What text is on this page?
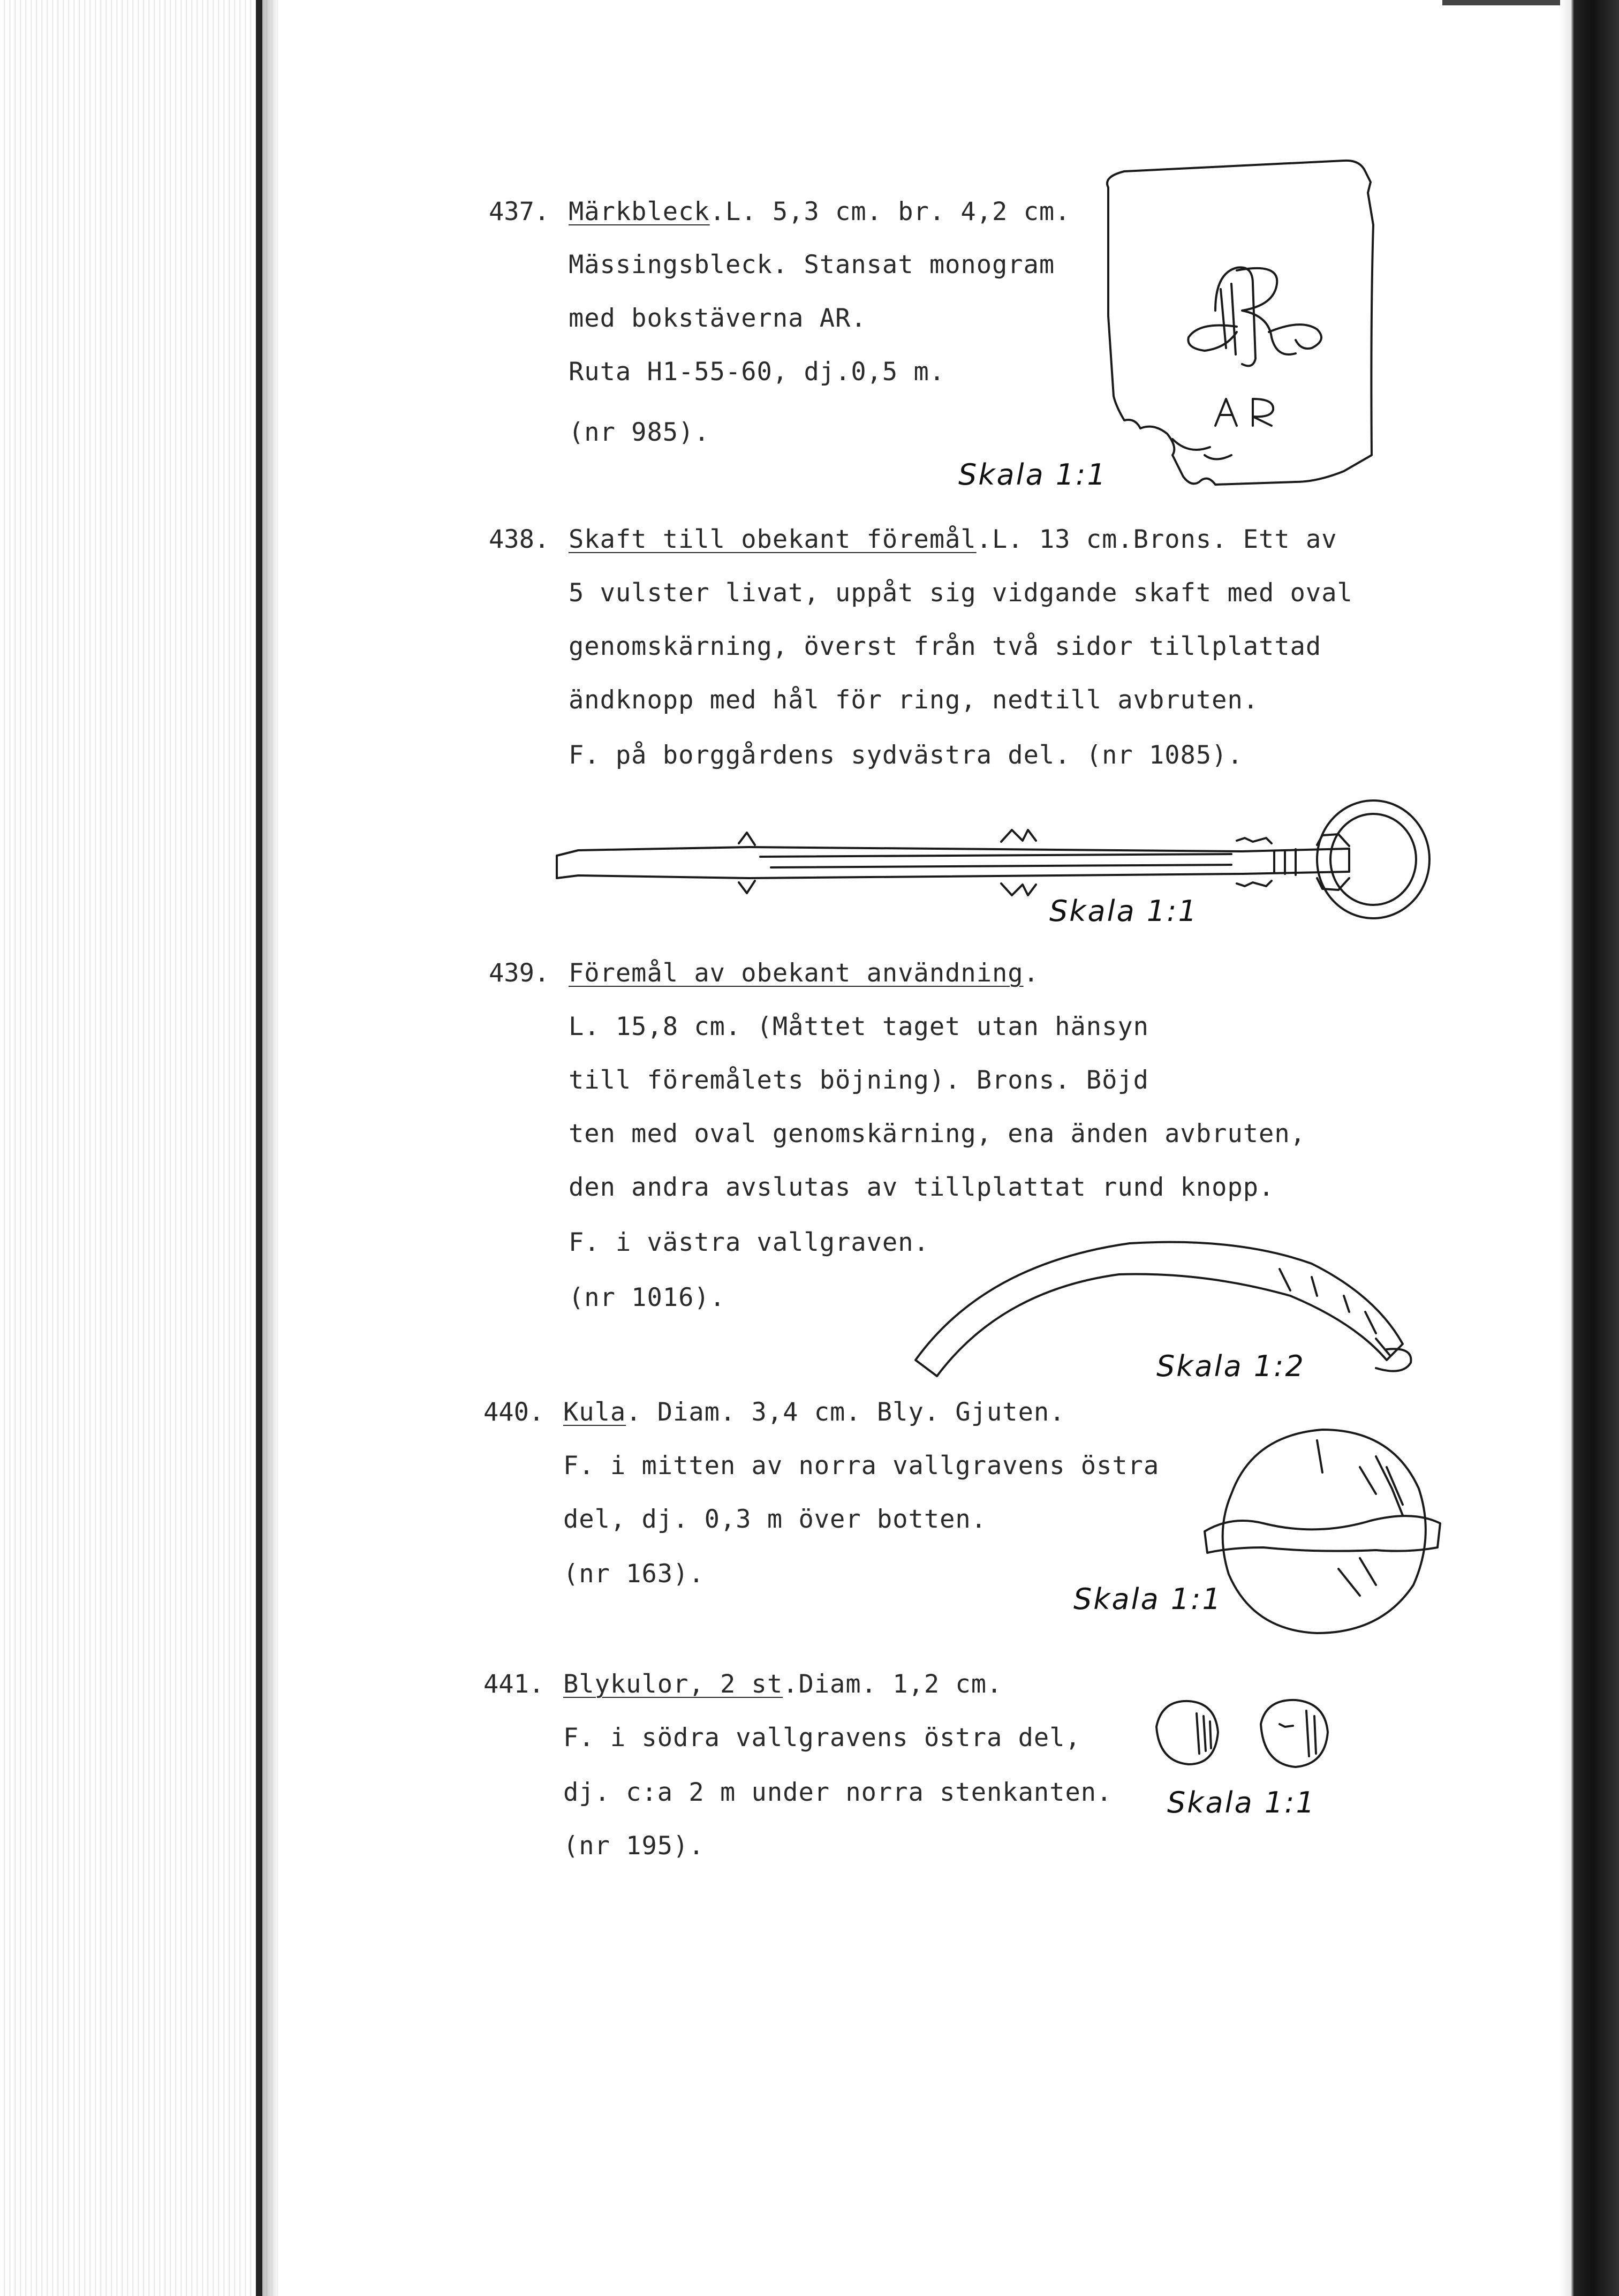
437. Märkbleck.L. 5,3 cm. br. 4,2 cm.
Mässingsbleck. Stansat monogram
med bokstäverna AR.
Ruta H1-55-60, dj.0,5 m.
(nr 985).
Skala 1:1
438. Skaft till obekant föremål.L. 13 cm.Brons. Ett av
5 vulster livat, uppåt sig vidgande skaft med oval
genomskärning, överst från två sidor tillplattad
ändknopp med hål för ring, nedtill avbruten.
F. på borggårdens sydvästra del. (nr 1085).
Skala 1:1
439. Föremål av obekant användning.
L. 15,8 cm. (Måttet taget utan hänsyn
till föremålets böjning). Brons. Böjd
ten med oval genomskärning, ena änden avbruten,
den andra avslutas av tillplattat rund knopp.
F. i västra vallgraven.
(nr 1016).
Skala 1:2
440. Kula. Diam. 3,4 cm. Bly. Gjuten.
F. i mitten av norra vallgravens östra
del, dj. 0,3 m över botten.
(nr 163).
Skala 1:1
441. Blykulor, 2 st.Diam. 1,2 cm.
F. i södra vallgravens östra del,
dj. c:a 2 m under norra stenkanten.
(nr 195).
Skala 1:1
